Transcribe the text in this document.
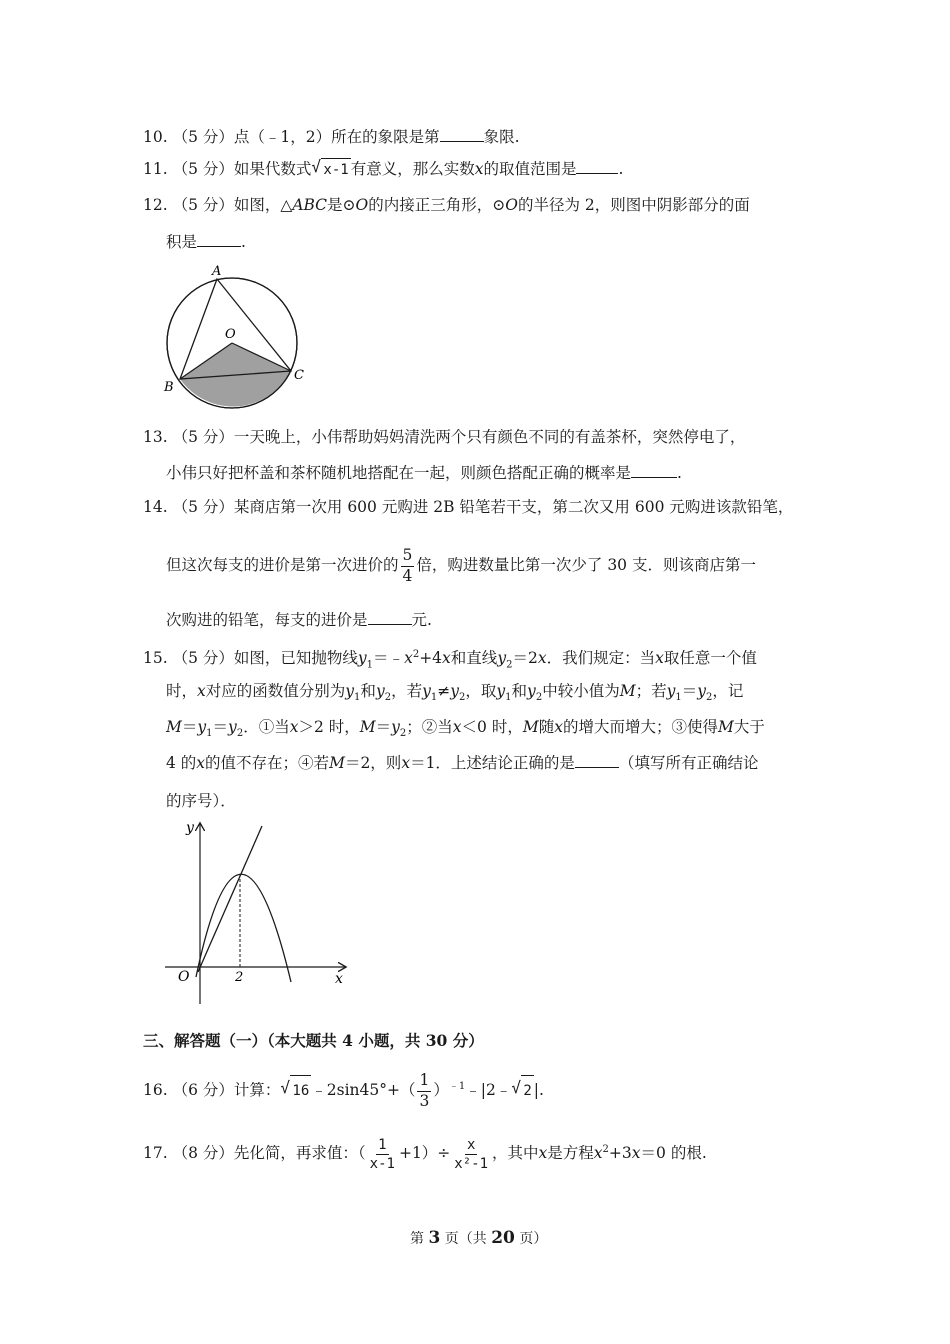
10. （5 分）点（﹣1，2）所在的象限是第	象限.
11. （5 分）如果代数式 √ x-1 有意义，那么实数x的取值范围是	.
12. （5 分）如图，△ABC是⊙O的内接正三角形，⊙O的半径为 2，则图中阴影部分的面
积是	.
A
O
B
C
13. （5 分）一天晚上，小伟帮助妈妈清洗两个只有颜色不同的有盖茶杯，突然停电了，
小伟只好把杯盖和茶杯随机地搭配在一起，则颜色搭配正确的概率是	.
14. （5 分）某商店第一次用 600 元购进 2B 铅笔若干支，第二次又用 600 元购进该款铅笔，
但这次每支的进价是第一次进价的 $\frac{5}{4}$ 倍，购进数量比第一次少了 30 支．则该商店第一
次购进的铅笔，每支的进价是	元.
15. （5 分）如图，已知抛物线$y_1=﹣x^2+4x$和直线$y_2=2x$．我们规定：当x取任意一个值
时，x对应的函数值分别为$y_1$和$y_2$，若$y_1\ne y_2$，取$y_1$和$y_2$中较小值为M；若$y_1=y_2$，记
$M=y_1=y_2$．①当x＞2 时，$M=y_2$；②当x＜0 时，M随x的增大而增大；③使得M大于
4 的x的值不存在；④若M＝2，则x＝1．上述结论正确的是	（填写所有正确结论
的序号）．
y
O	2	x
三、解答题（一）（本大题共 4 小题，共 30 分）
16. （6 分）计算： √ 16 ﹣2sin45°+（ $\frac{1}{3}$ ）$^{﹣1}$﹣|2﹣ √ 2 |.
17. （8 分）先化简，再求值：（ $\frac{1}{x-1} +1)\div \frac{x}{\text{x²-1}}$ ，其中x是方程$x^2+3x=0$ 的根.
第 3 页（共 20 页）
